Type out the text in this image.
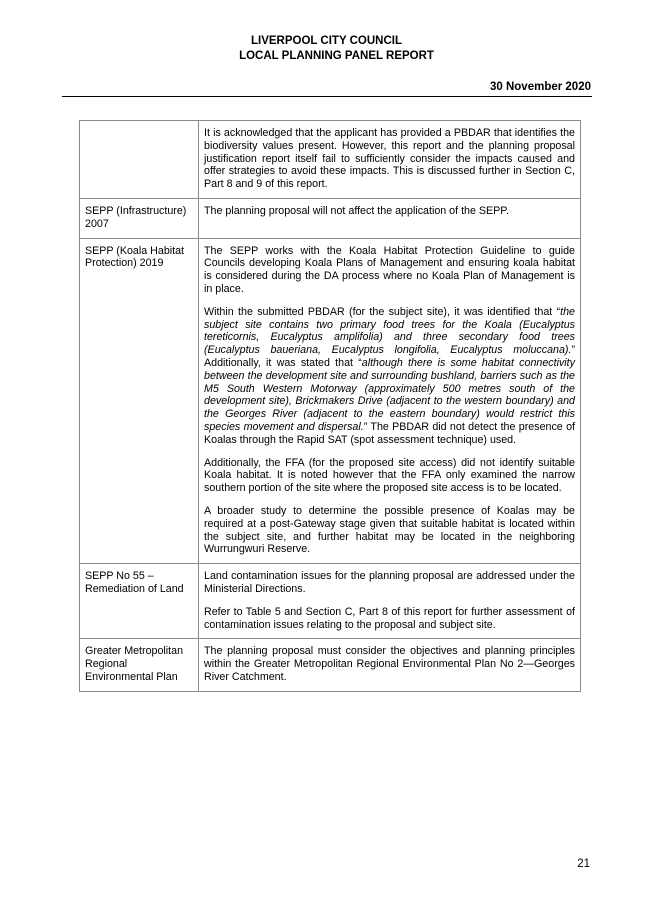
LIVERPOOL CITY COUNCIL
LOCAL PLANNING PANEL REPORT
30 November 2020

	It is acknowledged that the applicant has provided a PBDAR that identifies the biodiversity values present. However, this report and the planning proposal justification report itself fail to sufficiently consider the impacts caused and offer strategies to avoid these impacts. This is discussed further in Section C, Part 8 and 9 of this report.

SEPP (Infrastructure) 2007	The planning proposal will not affect the application of the SEPP.

SEPP (Koala Habitat Protection) 2019	The SEPP works with the Koala Habitat Protection Guideline to guide Councils developing Koala Plans of Management and ensuring koala habitat is considered during the DA process where no Koala Plan of Management is in place.

Within the submitted PBDAR (for the subject site), it was identified that “the subject site contains two primary food trees for the Koala (Eucalyptus tereticornis, Eucalyptus amplifolia) and three secondary food trees (Eucalyptus baueriana, Eucalyptus longifolia, Eucalyptus moluccana).” Additionally, it was stated that “although there is some habitat connectivity between the development site and surrounding bushland, barriers such as the M5 South Western Motorway (approximately 500 metres south of the development site), Brickmakers Drive (adjacent to the western boundary) and the Georges River (adjacent to the eastern boundary) would restrict this species movement and dispersal.” The PBDAR did not detect the presence of Koalas through the Rapid SAT (spot assessment technique) used.

Additionally, the FFA (for the proposed site access) did not identify suitable Koala habitat. It is noted however that the FFA only examined the narrow southern portion of the site where the proposed site access is to be located.

A broader study to determine the possible presence of Koalas may be required at a post-Gateway stage given that suitable habitat is located within the subject site, and further habitat may be located in the neighboring Wurrungwuri Reserve.

SEPP No 55 – Remediation of Land	Land contamination issues for the planning proposal are addressed under the Ministerial Directions.

Refer to Table 5 and Section C, Part 8 of this report for further assessment of contamination issues relating to the proposal and subject site.

Greater Metropolitan Regional Environmental Plan	The planning proposal must consider the objectives and planning principles within the Greater Metropolitan Regional Environmental Plan No 2—Georges River Catchment.

21
